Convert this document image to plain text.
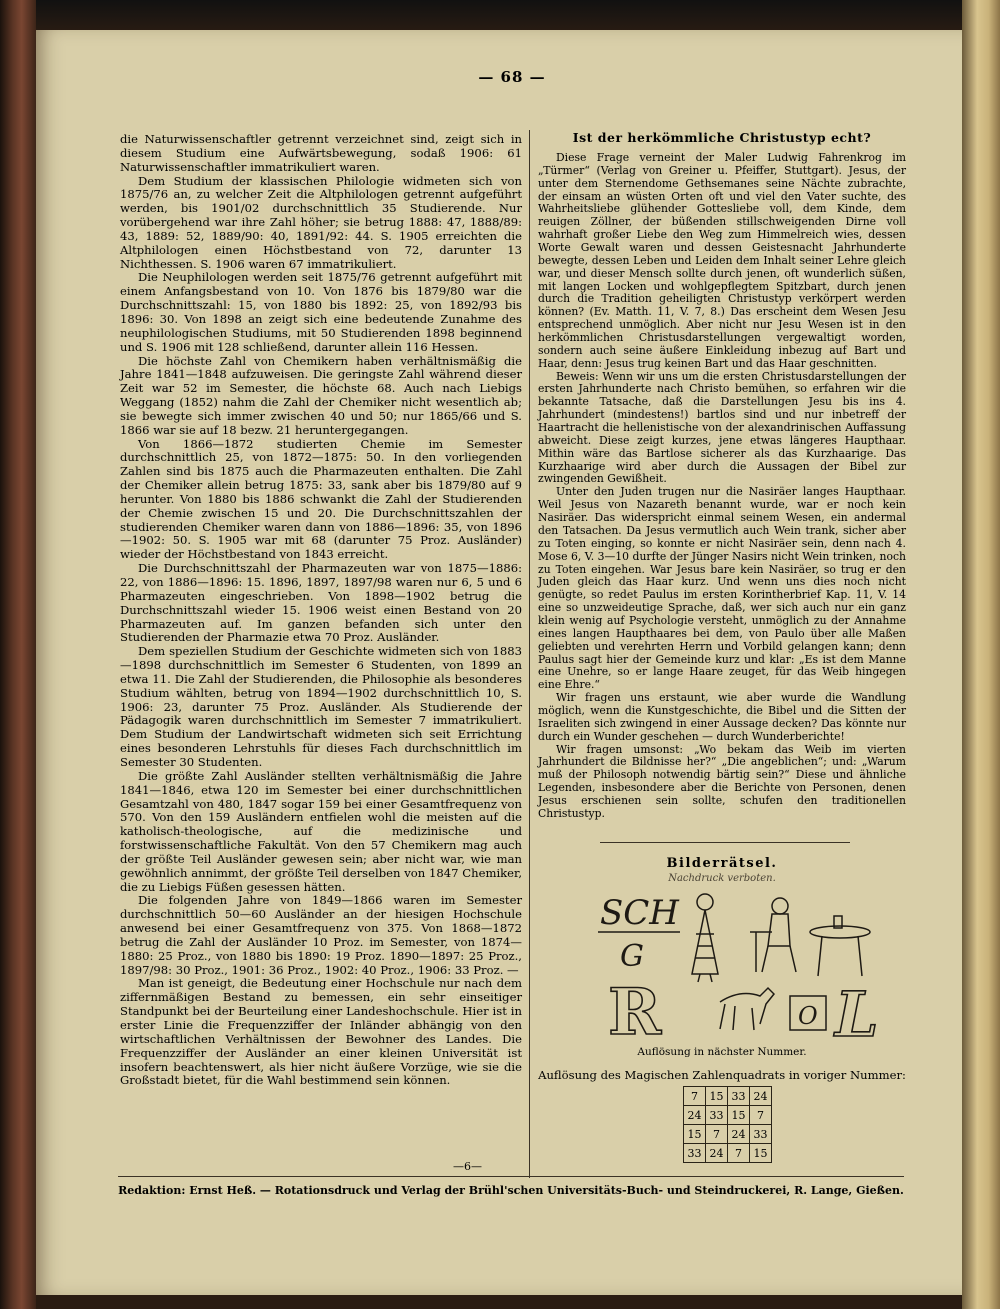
— 68 —

die Naturwissenschaftler getrennt verzeichnet sind, zeigt sich in diesem Studium eine Aufwärtsbewegung, sodaß 1906: 61 Naturwissenschaftler immatrikuliert waren.

Dem Studium der klassischen Philologie widmeten sich von 1875/76 an, zu welcher Zeit die Altphilologen getrennt aufgeführt werden, bis 1901/02 durchschnittlich 35 Studierende. Nur vorübergehend war ihre Zahl höher; sie betrug 1888: 47, 1888/89: 43, 1889: 52, 1889/90: 40, 1891/92: 44. S. 1905 erreichten die Altphilologen einen Höchstbestand von 72, darunter 13 Nichthessen. S. 1906 waren 67 immatrikuliert.

Die Neuphilologen werden seit 1875/76 getrennt aufgeführt mit einem Anfangsbestand von 10. Von 1876 bis 1879/80 war die Durchschnittszahl: 15, von 1880 bis 1892: 25, von 1892/93 bis 1896: 30. Von 1898 an zeigt sich eine bedeutende Zunahme des neuphilologischen Studiums, mit 50 Studierenden 1898 beginnend und S. 1906 mit 128 schließend, darunter allein 116 Hessen.

Die höchste Zahl von Chemikern haben verhältnismäßig die Jahre 1841—1848 aufzuweisen. Die geringste Zahl während dieser Zeit war 52 im Semester, die höchste 68. Auch nach Liebigs Weggang (1852) nahm die Zahl der Chemiker nicht wesentlich ab; sie bewegte sich immer zwischen 40 und 50; nur 1865/66 und S. 1866 war sie auf 18 bezw. 21 heruntergegangen.

Von 1866—1872 studierten Chemie im Semester durchschnittlich 25, von 1872—1875: 50. In den vorliegenden Zahlen sind bis 1875 auch die Pharmazeuten enthalten. Die Zahl der Chemiker allein betrug 1875: 33, sank aber bis 1879/80 auf 9 herunter. Von 1880 bis 1886 schwankt die Zahl der Studierenden der Chemie zwischen 15 und 20. Die Durchschnittszahlen der studierenden Chemiker waren dann von 1886—1896: 35, von 1896—1902: 50. S. 1905 war mit 68 (darunter 75 Proz. Ausländer) wieder der Höchstbestand von 1843 erreicht.

Die Durchschnittszahl der Pharmazeuten war von 1875—1886: 22, von 1886—1896: 15. 1896, 1897, 1897/98 waren nur 6, 5 und 6 Pharmazeuten eingeschrieben. Von 1898—1902 betrug die Durchschnittszahl wieder 15. 1906 weist einen Bestand von 20 Pharmazeuten auf. Im ganzen befanden sich unter den Studierenden der Pharmazie etwa 70 Proz. Ausländer.

Dem speziellen Studium der Geschichte widmeten sich von 1883—1898 durchschnittlich im Semester 6 Studenten, von 1899 an etwa 11. Die Zahl der Studierenden, die Philosophie als besonderes Studium wählten, betrug von 1894—1902 durchschnittlich 10, S. 1906: 23, darunter 75 Proz. Ausländer. Als Studierende der Pädagogik waren durchschnittlich im Semester 7 immatrikuliert. Dem Studium der Landwirtschaft widmeten sich seit Errichtung eines besonderen Lehrstuhls für dieses Fach durchschnittlich im Semester 30 Studenten.

Die größte Zahl Ausländer stellten verhältnismäßig die Jahre 1841—1846, etwa 120 im Semester bei einer durchschnittlichen Gesamtzahl von 480, 1847 sogar 159 bei einer Gesamtfrequenz von 570. Von den 159 Ausländern entfielen wohl die meisten auf die katholisch-theologische, auf die medizinische und forstwissenschaftliche Fakultät. Von den 57 Chemikern mag auch der größte Teil Ausländer gewesen sein; aber nicht war, wie man gewöhnlich annimmt, der größte Teil derselben von 1847 Chemiker, die zu Liebigs Füßen gesessen hätten.

Die folgenden Jahre von 1849—1866 waren im Semester durchschnittlich 50—60 Ausländer an der hiesigen Hochschule anwesend bei einer Gesamtfrequenz von 375. Von 1868—1872 betrug die Zahl der Ausländer 10 Proz. im Semester, von 1874—1880: 25 Proz., von 1880 bis 1890: 19 Proz. 1890—1897: 25 Proz., 1897/98: 30 Proz., 1901: 36 Proz., 1902: 40 Proz., 1906: 33 Proz. —

Man ist geneigt, die Bedeutung einer Hochschule nur nach dem ziffernmäßigen Bestand zu bemessen, ein sehr einseitiger Standpunkt bei der Beurteilung einer Landeshochschule. Hier ist in erster Linie die Frequenzziffer der Inländer abhängig von den wirtschaftlichen Verhältnissen der Bewohner des Landes. Die Frequenzziffer der Ausländer an einer kleinen Universität ist insofern beachtenswert, als hier nicht äußere Vorzüge, wie sie die Großstadt bietet, für die Wahl bestimmend sein können.

—6—
Ist der herkömmliche Christustyp echt?

Diese Frage verneint der Maler Ludwig Fahrenkrog im „Türmer“ (Verlag von Greiner u. Pfeiffer, Stuttgart). Jesus, der unter dem Sternendome Gethsemanes seine Nächte zubrachte, der einsam an wüsten Orten oft und viel den Vater suchte, des Wahrheitsliebe glühender Gottesliebe voll, dem Kinde, dem reuigen Zöllner, der büßenden stillschweigenden Dirne voll wahrhaft großer Liebe den Weg zum Himmelreich wies, dessen Worte Gewalt waren und dessen Geistesnacht Jahrhunderte bewegte, dessen Leben und Leiden dem Inhalt seiner Lehre gleich war, und dieser Mensch sollte durch jenen, oft wunderlich süßen, mit langen Locken und wohlgepflegtem Spitzbart, durch jenen durch die Tradition geheiligten Christustyp verkörpert werden können? (Ev. Matth. 11, V. 7, 8.) Das erscheint dem Wesen Jesu entsprechend unmöglich. Aber nicht nur Jesu Wesen ist in den herkömmlichen Christusdarstellungen vergewaltigt worden, sondern auch seine äußere Einkleidung inbezug auf Bart und Haar, denn: Jesus trug keinen Bart und das Haar geschnitten.

Beweis: Wenn wir uns um die ersten Christusdarstellungen der ersten Jahrhunderte nach Christo bemühen, so erfahren wir die bekannte Tatsache, daß die Darstellungen Jesu bis ins 4. Jahrhundert (mindestens!) bartlos sind und nur inbetreff der Haartracht die hellenistische von der alexandrinischen Auffassung abweicht. Diese zeigt kurzes, jene etwas längeres Haupthaar. Mithin wäre das Bartlose sicherer als das Kurzhaarige. Das Kurzhaarige wird aber durch die Aussagen der Bibel zur zwingenden Gewißheit.

Unter den Juden trugen nur die Nasiräer langes Haupthaar. Weil Jesus von Nazareth benannt wurde, war er noch kein Nasiräer. Das widerspricht einmal seinem Wesen, ein andermal den Tatsachen. Da Jesus vermutlich auch Wein trank, sicher aber zu Toten einging, so konnte er nicht Nasiräer sein, denn nach 4. Mose 6, V. 3—10 durfte der Jünger Nasirs nicht Wein trinken, noch zu Toten eingehen. War Jesus bare kein Nasiräer, so trug er den Juden gleich das Haar kurz. Und wenn uns dies noch nicht genügte, so redet Paulus im ersten Korintherbrief Kap. 11, V. 14 eine so unzweideutige Sprache, daß, wer sich auch nur ein ganz klein wenig auf Psychologie versteht, unmöglich zu der Annahme eines langen Haupthaares bei dem, von Paulo über alle Maßen geliebten und verehrten Herrn und Vorbild gelangen kann; denn Paulus sagt hier der Gemeinde kurz und klar: „Es ist dem Manne eine Unehre, so er lange Haare zeuget, für das Weib hingegen eine Ehre.“

Wir fragen uns erstaunt, wie aber wurde die Wandlung möglich, wenn die Kunstgeschichte, die Bibel und die Sitten der Israeliten sich zwingend in einer Aussage decken? Das könnte nur durch ein Wunder geschehen — durch Wunderberichte!

Wir fragen umsonst: „Wo bekam das Weib im vierten Jahrhundert die Bildnisse her?“ „Die angeblichen“; und: „Warum muß der Philosoph notwendig bärtig sein?“ Diese und ähnliche Legenden, insbesondere aber die Berichte von Personen, denen Jesus erschienen sein sollte, schufen den traditionellen Christustyp.

Bilderrätsel.
Nachdruck verboten.
SCH
G
R	O L
Auflösung in nächster Nummer.
Auflösung des Magischen Zahlenquadrats in voriger Nummer:
7	15	33	24
24	33	15	7
15	7	24	33
33	24	7	15
Redaktion: Ernst Heß. — Rotationsdruck und Verlag der Brühl'schen Universitäts-Buch- und Steindruckerei, R. Lange, Gießen.
